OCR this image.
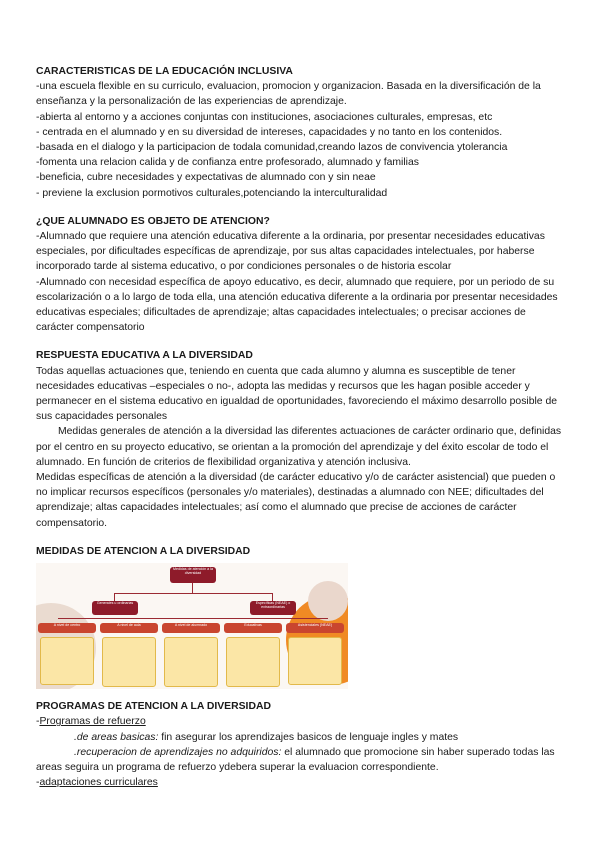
CARACTERISTICAS DE LA EDUCACIÓN INCLUSIVA

-una escuela flexible en su curriculo, evaluacion, promocion y organizacion. Basada en la diversificación de la enseñanza y la personalización de las experiencias de aprendizaje.

-abierta al entorno y a acciones conjuntas con instituciones, asociaciones culturales, empresas, etc

- centrada en el alumnado y en su diversidad de intereses, capacidades y no tanto en los contenidos.

-basada en el dialogo y la participacion de todala comunidad,creando lazos de convivencia ytolerancia

-fomenta una relacion calida y de confianza entre profesorado, alumnado y familias

-beneficia, cubre necesidades y expectativas de alumnado con y sin neae

- previene la exclusion pormotivos culturales,potenciando la interculturalidad

¿QUE ALUMNADO ES OBJETO DE ATENCION?

-Alumnado que requiere una atención educativa diferente a la ordinaria, por presentar necesidades educativas especiales, por dificultades específicas de aprendizaje, por sus altas capacidades intelectuales, por haberse incorporado tarde al sistema educativo, o por condiciones personales o de historia escolar

-Alumnado con necesidad específica de apoyo educativo, es decir, alumnado que requiere, por un periodo de su escolarización o a lo largo de toda ella, una atención educativa diferente a la ordinaria por presentar necesidades educativas especiales; dificultades de aprendizaje; altas capacidades intelectuales; o precisar acciones de carácter compensatorio

RESPUESTA EDUCATIVA A LA DIVERSIDAD

Todas aquellas actuaciones que, teniendo en cuenta que cada alumno y alumna es susceptible de tener necesidades educativas –especiales o no-, adopta las medidas y recursos que les hagan posible acceder y permanecer en el sistema educativo en igualdad de oportunidades, favoreciendo el máximo desarrollo posible de sus capacidades personales

Medidas generales de atención a la diversidad las diferentes actuaciones de carácter ordinario que, definidas por el centro en su proyecto educativo, se orientan a la promoción del aprendizaje y del éxito escolar de todo el alumnado. En función de criterios de flexibilidad organizativa y atención inclusiva.

Medidas específicas de atención a la diversidad (de carácter educativo y/o de carácter asistencial) que pueden o no implicar recursos específicos (personales y/o materiales), destinadas a alumnado con NEE; dificultades del aprendizaje; altas capacidades intelectuales; así como el alumnado que precise de acciones de carácter compensatorio.

MEDIDAS DE ATENCION A LA DIVERSIDAD

Medidas de atención a la diversidad
Generales u ordinarias	Específicas (NEAE) o extraordinarias
A nivel de centro	A nivel de aula	A nivel de alumnado	Educativas	Asistenciales (NEAE)

PROGRAMAS DE ATENCION A LA DIVERSIDAD

-Programas de refuerzo

.de areas basicas: fin asegurar los aprendizajes basicos de lenguaje ingles y mates

.recuperacion de aprendizajes no adquiridos: el alumnado que promocione sin haber superado todas las areas seguira un programa de refuerzo ydebera superar la evaluacion correspondiente.

-adaptaciones curriculares
